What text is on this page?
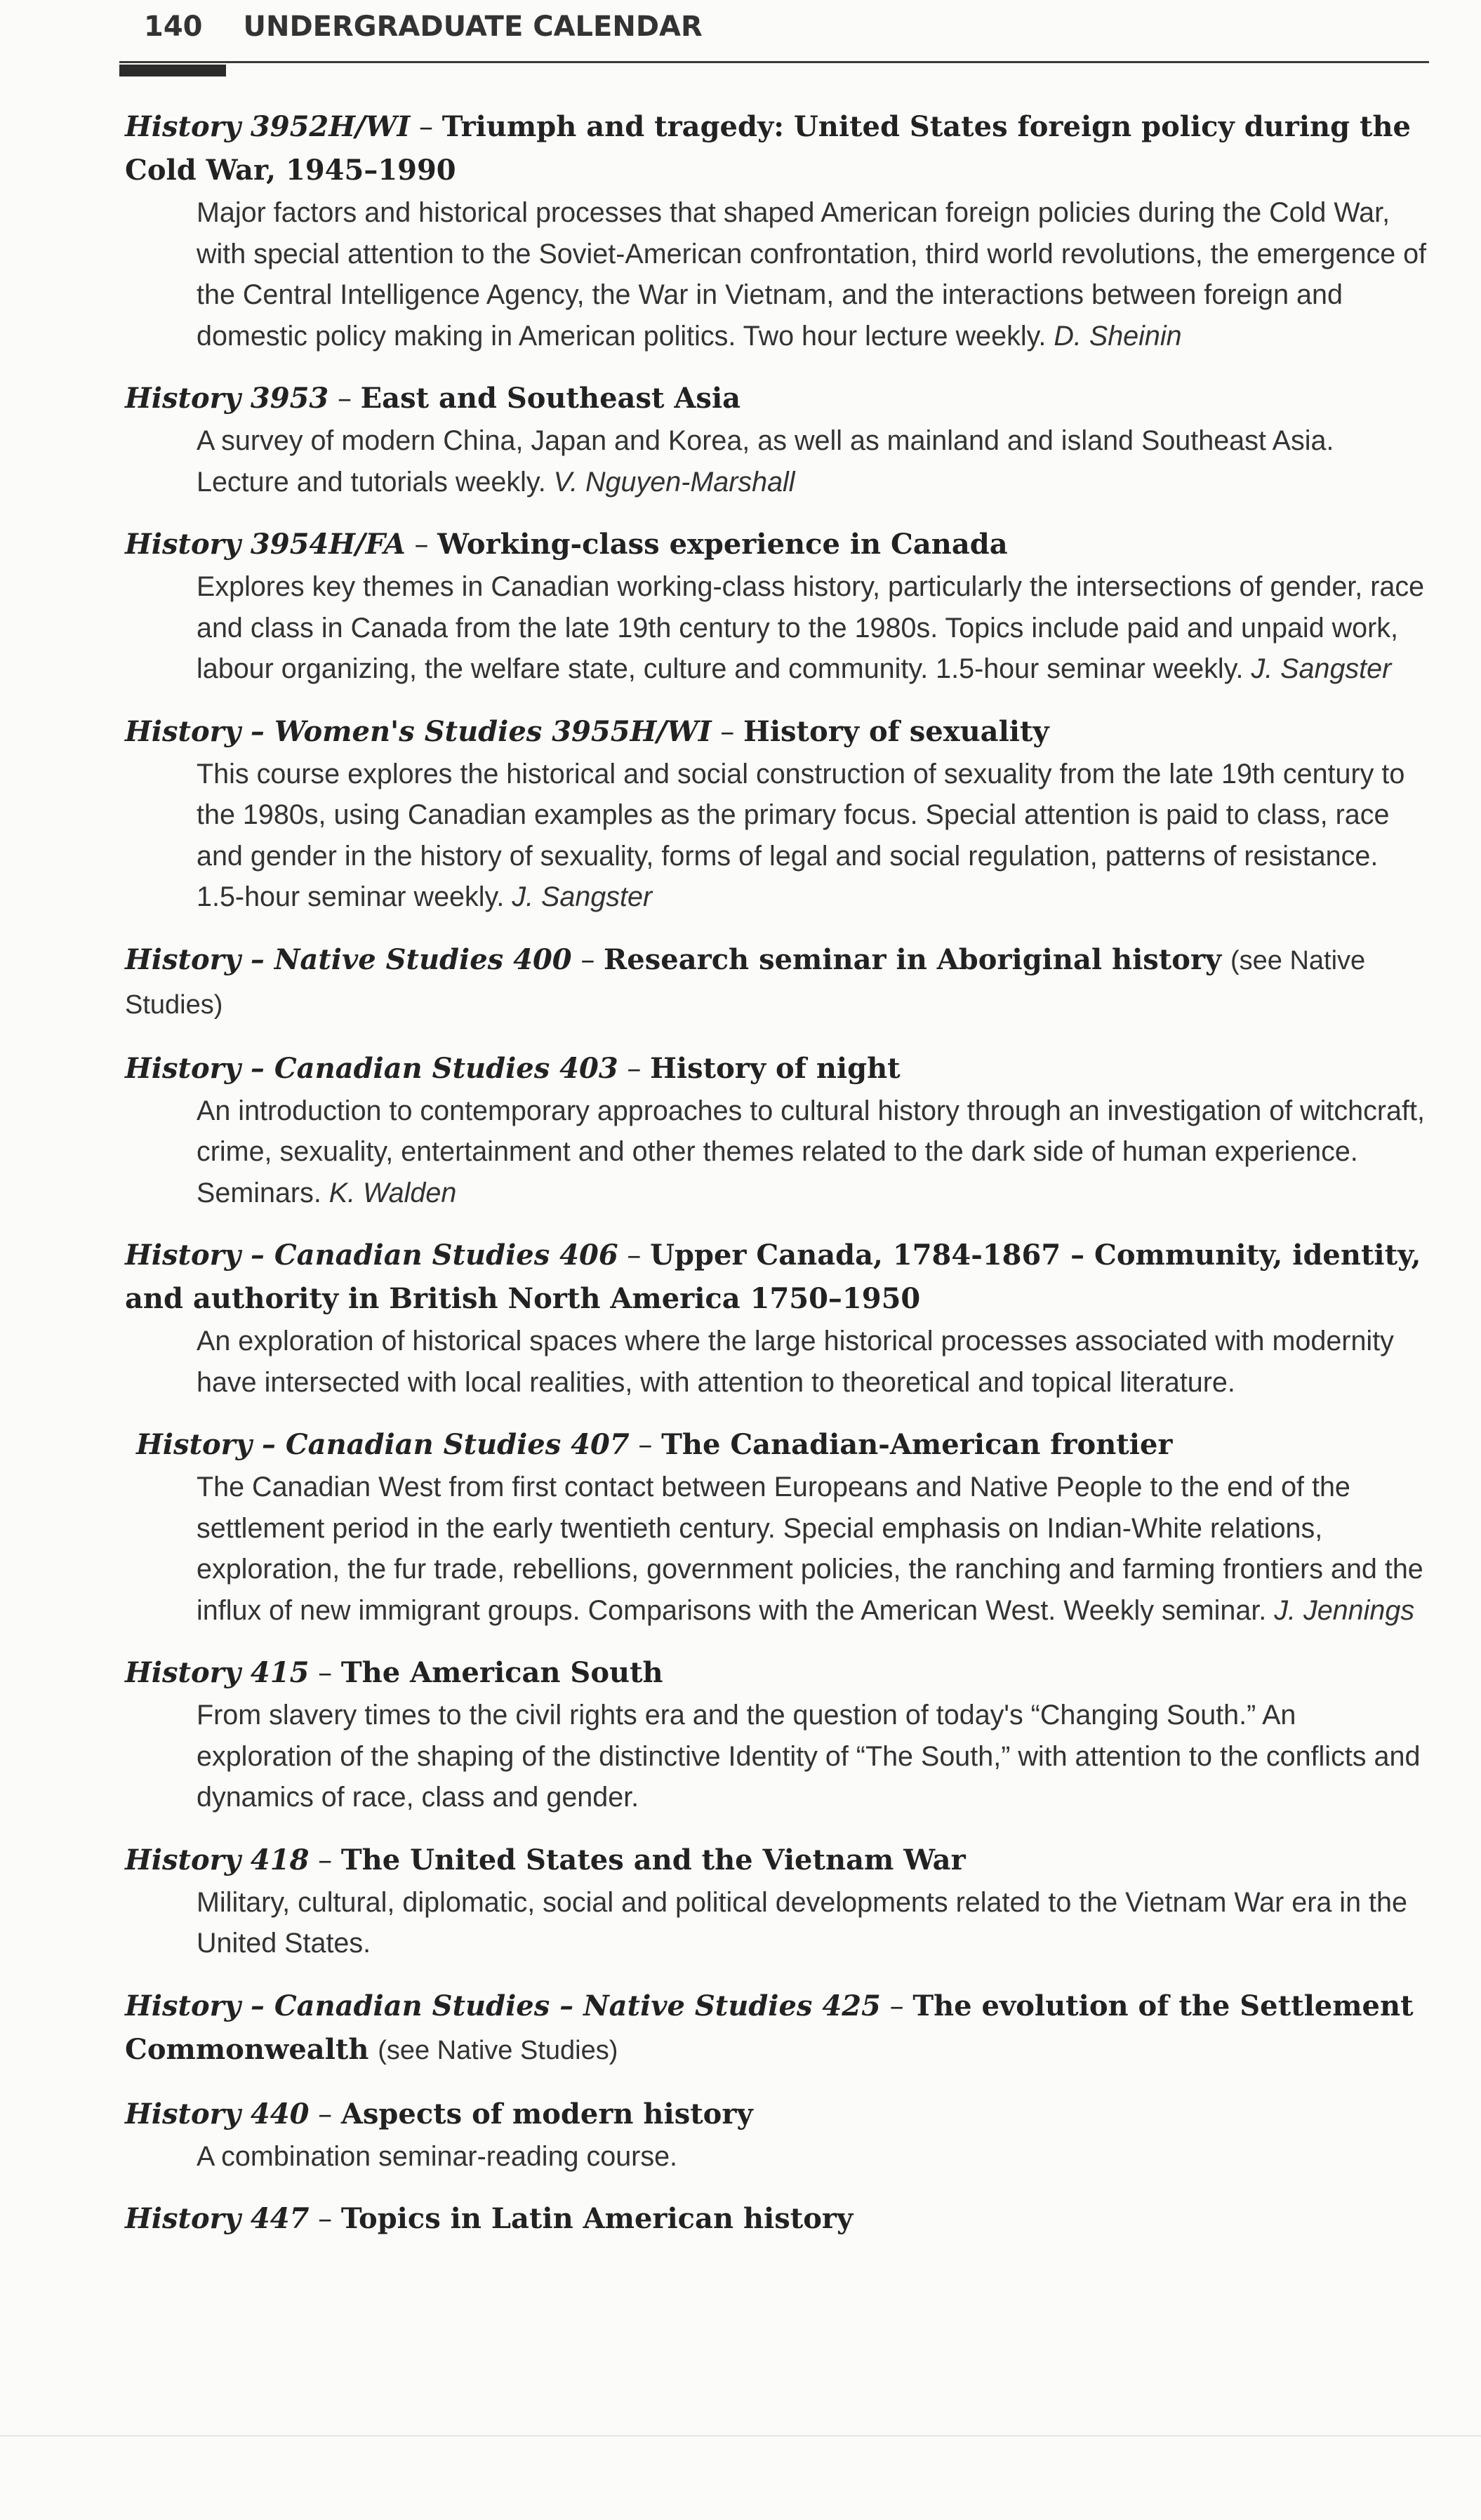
140 UNDERGRADUATE CALENDAR
History 3952H/WI – Triumph and tragedy: United States foreign policy during the Cold War, 1945–1990
Major factors and historical processes that shaped American foreign policies during the Cold War, with special attention to the Soviet-American confrontation, third world revolutions, the emergence of the Central Intelligence Agency, the War in Vietnam, and the interactions between foreign and domestic policy making in American politics. Two hour lecture weekly. D. Sheinin
History 3953 – East and Southeast Asia
A survey of modern China, Japan and Korea, as well as mainland and island Southeast Asia. Lecture and tutorials weekly. V. Nguyen-Marshall
History 3954H/FA – Working-class experience in Canada
Explores key themes in Canadian working-class history, particularly the intersections of gender, race and class in Canada from the late 19th century to the 1980s. Topics include paid and unpaid work, labour organizing, the welfare state, culture and community. 1.5-hour seminar weekly. J. Sangster
History – Women's Studies 3955H/WI – History of sexuality
This course explores the historical and social construction of sexuality from the late 19th century to the 1980s, using Canadian examples as the primary focus. Special attention is paid to class, race and gender in the history of sexuality, forms of legal and social regulation, patterns of resistance. 1.5-hour seminar weekly. J. Sangster
History – Native Studies 400 – Research seminar in Aboriginal history (see Native Studies)
History – Canadian Studies 403 – History of night
An introduction to contemporary approaches to cultural history through an investigation of witchcraft, crime, sexuality, entertainment and other themes related to the dark side of human experience. Seminars. K. Walden
History – Canadian Studies 406 – Upper Canada, 1784-1867 – Community, identity, and authority in British North America 1750–1950
An exploration of historical spaces where the large historical processes associated with modernity have intersected with local realities, with attention to theoretical and topical literature.
History – Canadian Studies 407 – The Canadian-American frontier
The Canadian West from first contact between Europeans and Native People to the end of the settlement period in the early twentieth century. Special emphasis on Indian-White relations, exploration, the fur trade, rebellions, government policies, the ranching and farming frontiers and the influx of new immigrant groups. Comparisons with the American West. Weekly seminar. J. Jennings
History 415 – The American South
From slavery times to the civil rights era and the question of today's “Changing South.” An exploration of the shaping of the distinctive Identity of “The South,” with attention to the conflicts and dynamics of race, class and gender.
History 418 – The United States and the Vietnam War
Military, cultural, diplomatic, social and political developments related to the Vietnam War era in the United States.
History – Canadian Studies – Native Studies 425 – The evolution of the Settlement Commonwealth (see Native Studies)
History 440 – Aspects of modern history
A combination seminar-reading course.
History 447 – Topics in Latin American history
